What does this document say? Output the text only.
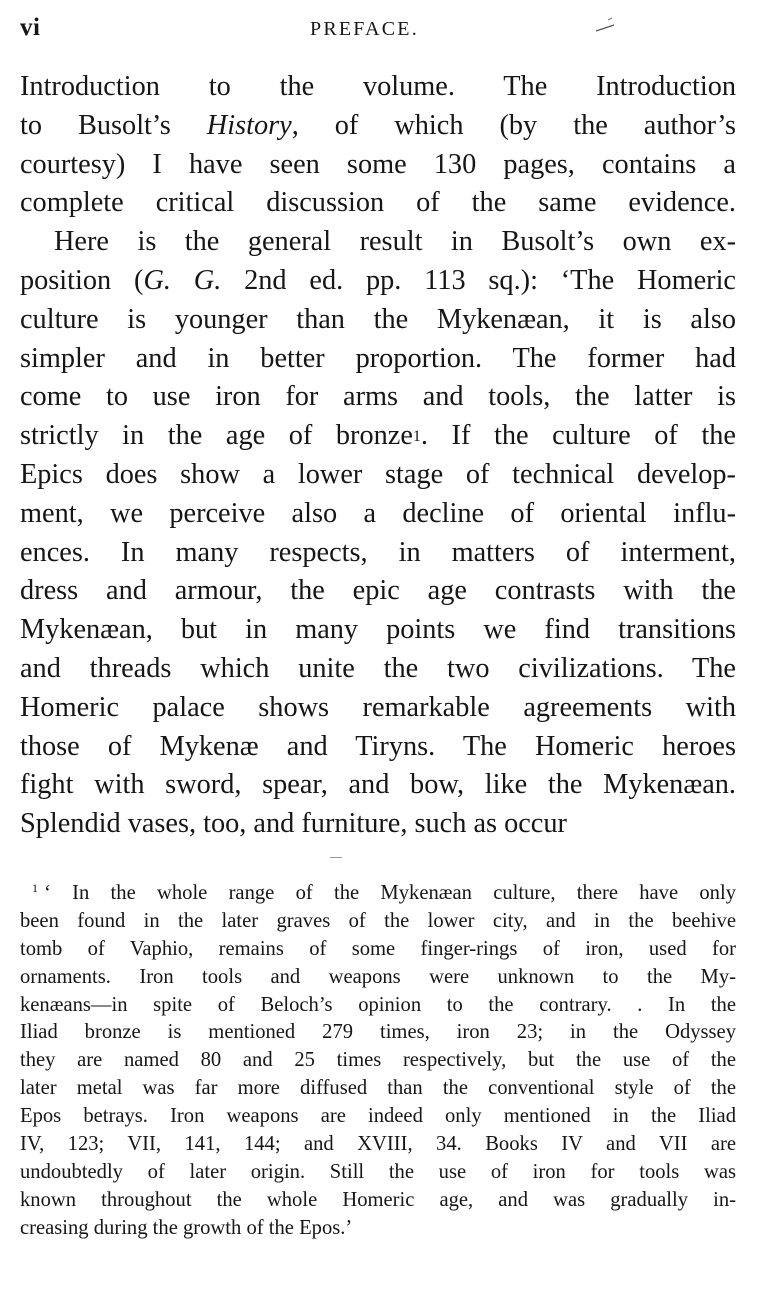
vi	PREFACE.
Introduction to the volume. The Introduction
to Busolt’s History, of which (by the author’s
courtesy) I have seen some 130 pages, contains a
complete critical discussion of the same evidence.
Here is the general result in Busolt’s own ex-
position (G. G. 2nd ed. pp. 113 sq.): ‘The Homeric
culture is younger than the Mykenæan, it is also
simpler and in better proportion. The former had
come to use iron for arms and tools, the latter is
strictly in the age of bronze$^1$. If the culture of the
Epics does show a lower stage of technical develop-
ment, we perceive also a decline of oriental influ-
ences. In many respects, in matters of interment,
dress and armour, the epic age contrasts with the
Mykenæan, but in many points we find transitions
and threads which unite the two civilizations. The
Homeric palace shows remarkable agreements with
those of Mykenæ and Tiryns. The Homeric heroes
fight with sword, spear, and bow, like the Mykenæan.
Splendid vases, too, and furniture, such as occur
$^1$ ‘ In the whole range of the Mykenæan culture, there have only
been found in the later graves of the lower city, and in the beehive
tomb of Vaphio, remains of some finger-rings of iron, used for
ornaments. Iron tools and weapons were unknown to the My-
kenæans—in spite of Beloch’s opinion to the contrary. . In the
Iliad bronze is mentioned 279 times, iron 23; in the Odyssey
they are named 80 and 25 times respectively, but the use of the
later metal was far more diffused than the conventional style of the
Epos betrays. Iron weapons are indeed only mentioned in the Iliad
IV, 123; VII, 141, 144; and XVIII, 34. Books IV and VII are
undoubtedly of later origin. Still the use of iron for tools was
known throughout the whole Homeric age, and was gradually in-
creasing during the growth of the Epos.’
